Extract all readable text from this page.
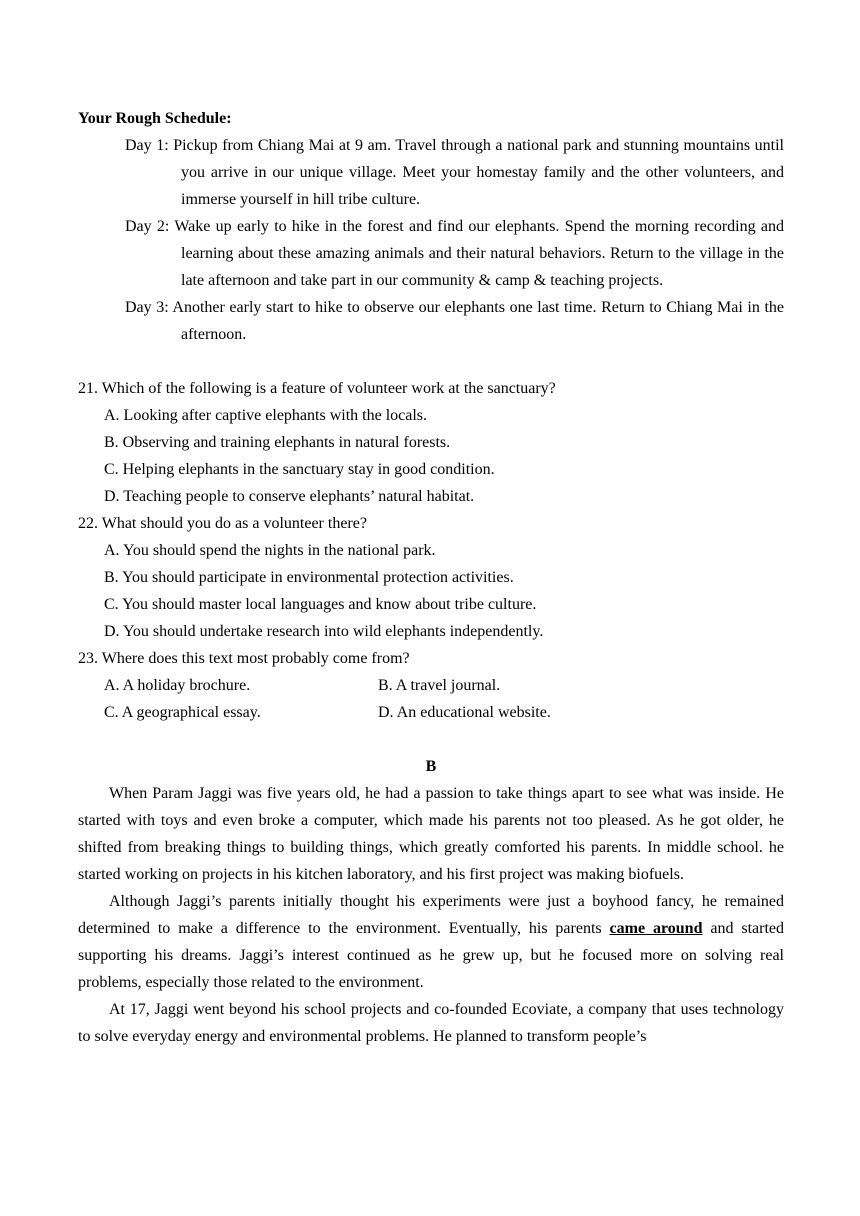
Your Rough Schedule:

Day 1: Pickup from Chiang Mai at 9 am. Travel through a national park and stunning mountains until you arrive in our unique village. Meet your homestay family and the other volunteers, and immerse yourself in hill tribe culture.

Day 2: Wake up early to hike in the forest and find our elephants. Spend the morning recording and learning about these amazing animals and their natural behaviors. Return to the village in the late afternoon and take part in our community & camp & teaching projects.

Day 3: Another early start to hike to observe our elephants one last time. Return to Chiang Mai in the afternoon.

21. Which of the following is a feature of volunteer work at the sanctuary?

A. Looking after captive elephants with the locals.

B. Observing and training elephants in natural forests.

C. Helping elephants in the sanctuary stay in good condition.

D. Teaching people to conserve elephants’ natural habitat.

22. What should you do as a volunteer there?

A. You should spend the nights in the national park.

B. You should participate in environmental protection activities.

C. You should master local languages and know about tribe culture.

D. You should undertake research into wild elephants independently.

23. Where does this text most probably come from?

A. A holiday brochure.	B. A travel journal.
C. A geographical essay.	D. An educational website.

B

When Param Jaggi was five years old, he had a passion to take things apart to see what was inside. He started with toys and even broke a computer, which made his parents not too pleased. As he got older, he shifted from breaking things to building things, which greatly comforted his parents. In middle school. he started working on projects in his kitchen laboratory, and his first project was making biofuels.

Although Jaggi’s parents initially thought his experiments were just a boyhood fancy, he remained determined to make a difference to the environment. Eventually, his parents came around and started supporting his dreams. Jaggi’s interest continued as he grew up, but he focused more on solving real problems, especially those related to the environment.

At 17, Jaggi went beyond his school projects and co-founded Ecoviate, a company that uses technology to solve everyday energy and environmental problems. He planned to transform people’s
